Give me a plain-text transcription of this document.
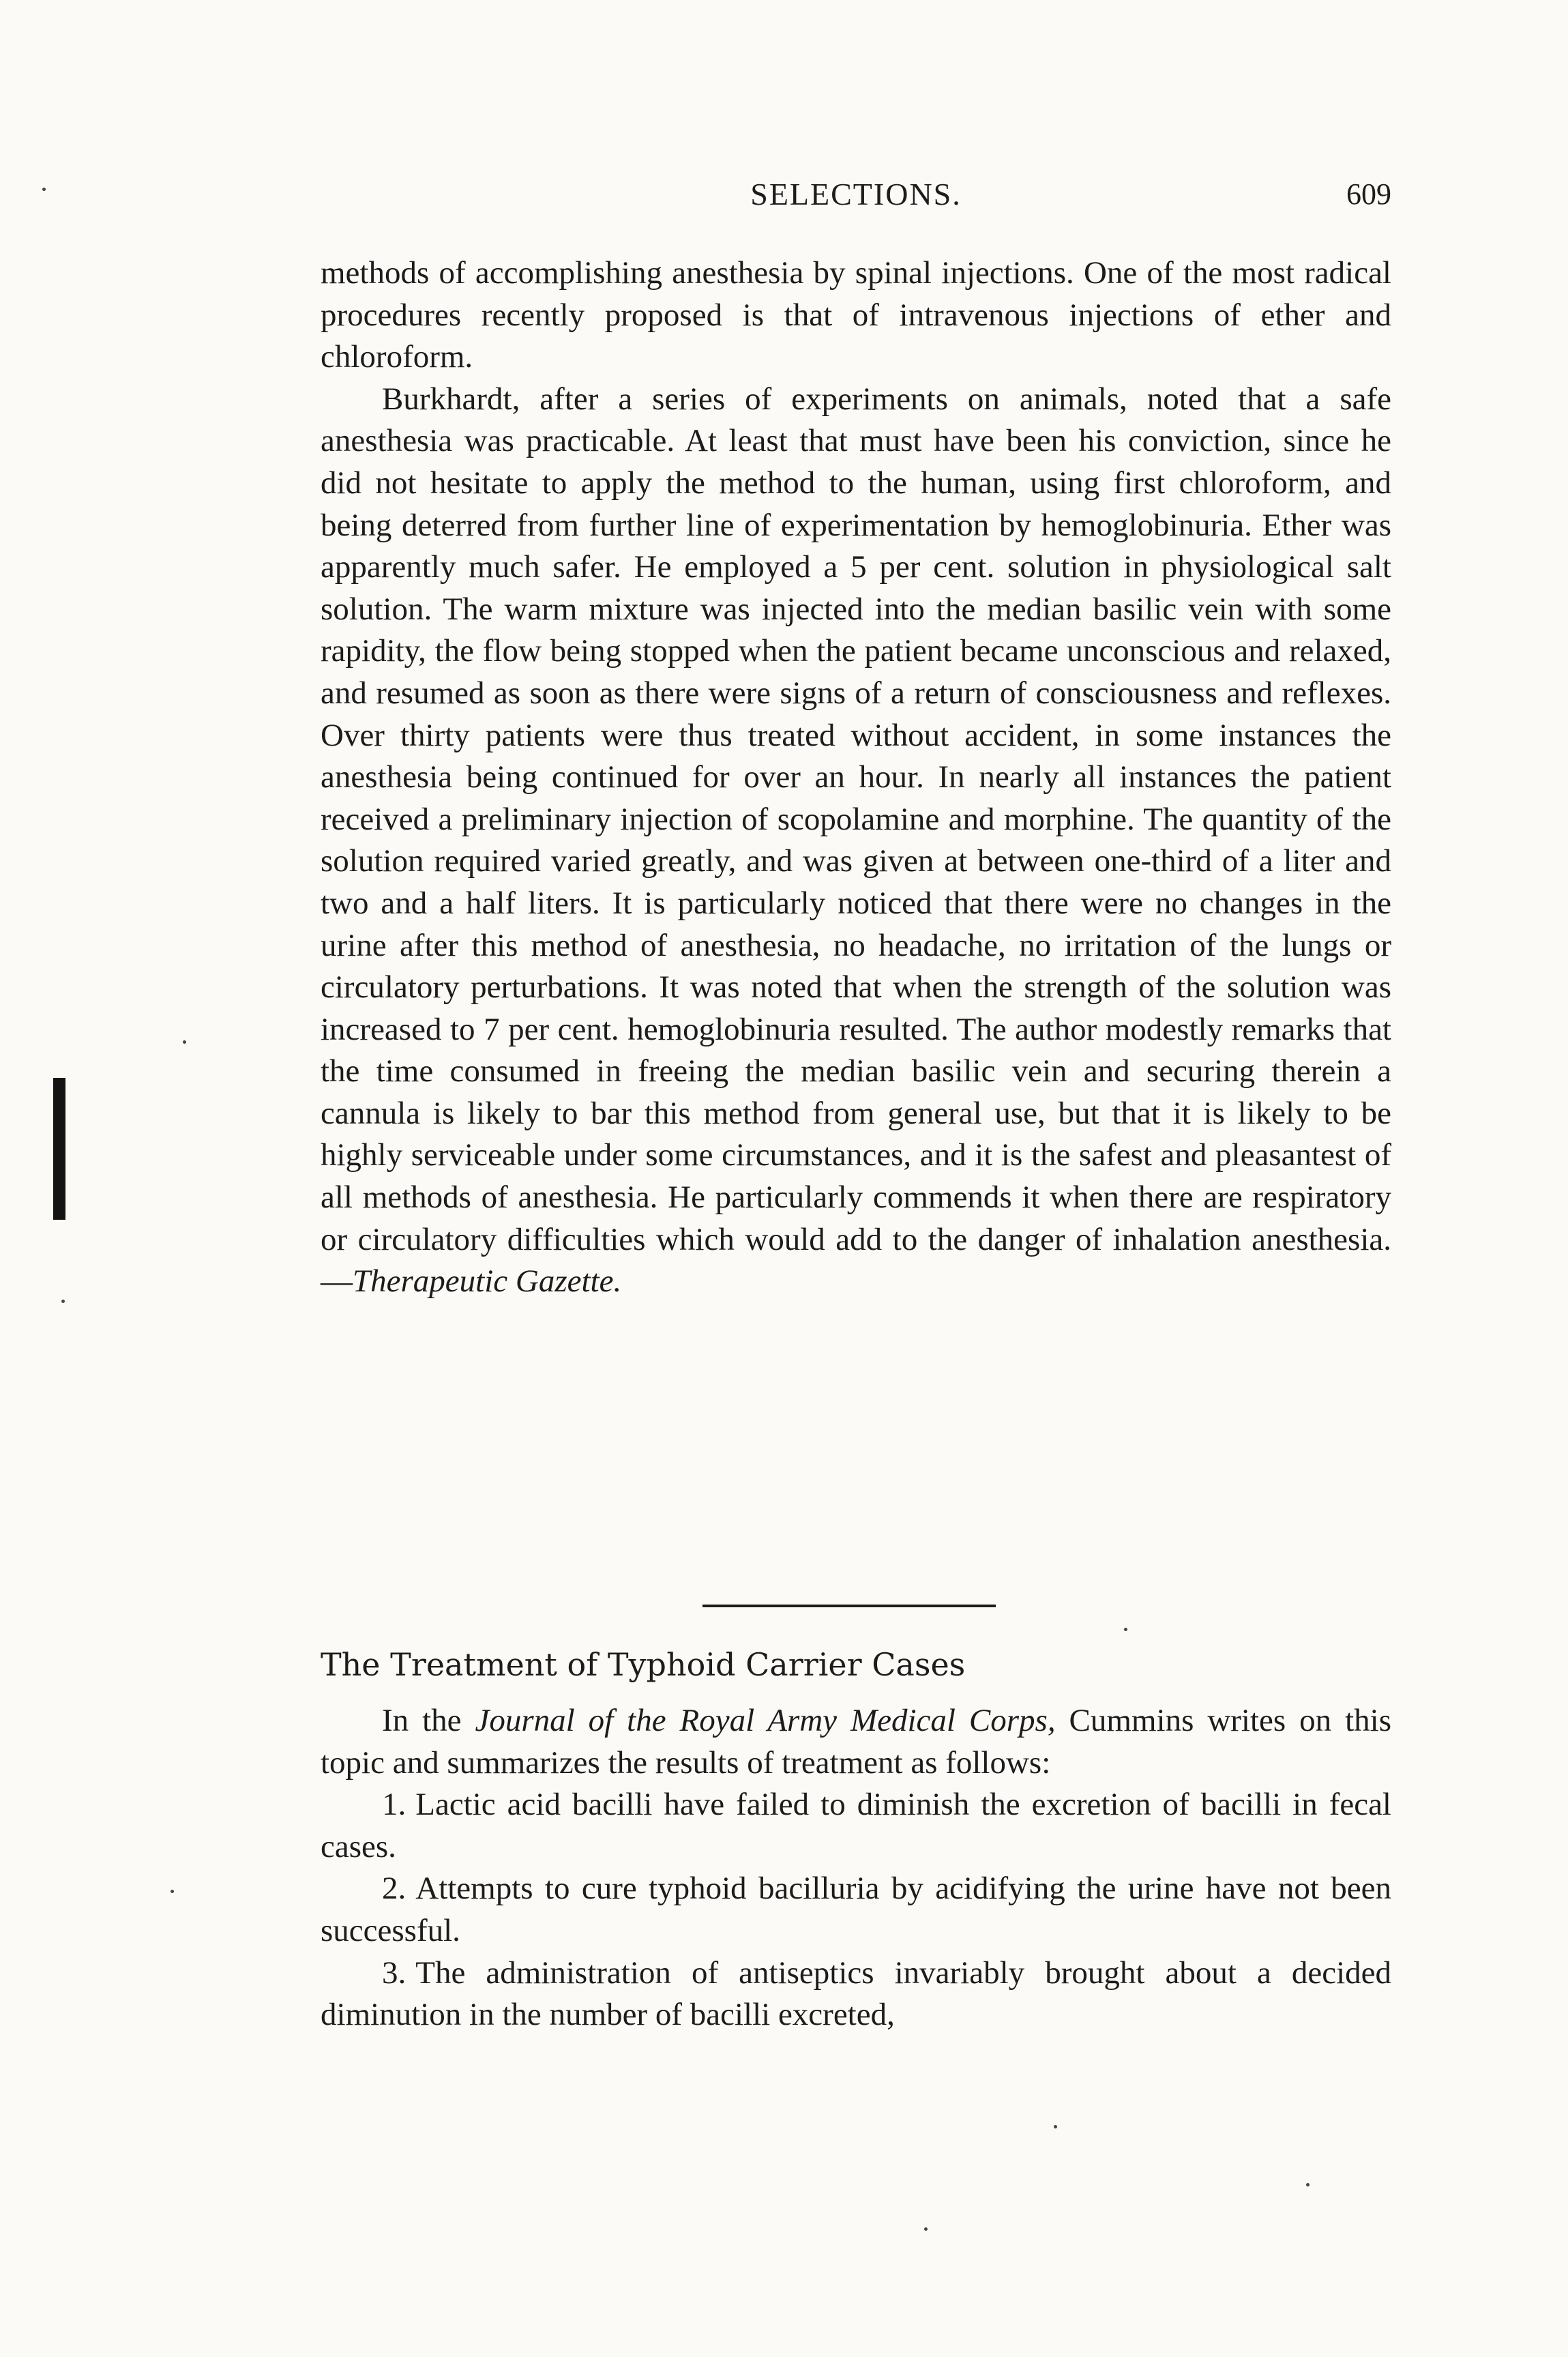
SELECTIONS.	609

methods of accomplishing anesthesia by spinal injections. One of the most radical procedures recently proposed is that of intravenous injections of ether and chloroform.

Burkhardt, after a series of experiments on animals, noted that a safe anesthesia was practicable. At least that must have been his conviction, since he did not hesitate to apply the method to the human, using first chloroform, and being deterred from further line of experimentation by hemoglobinuria. Ether was apparently much safer. He employed a 5 per cent. solution in physiological salt solution. The warm mixture was injected into the median basilic vein with some rapidity, the flow being stopped when the patient became unconscious and relaxed, and resumed as soon as there were signs of a return of consciousness and reflexes. Over thirty patients were thus treated without accident, in some instances the anesthesia being continued for over an hour. In nearly all instances the patient received a preliminary injection of scopolamine and morphine. The quantity of the solution required varied greatly, and was given at between one-third of a liter and two and a half liters. It is particularly noticed that there were no changes in the urine after this method of anesthesia, no headache, no irritation of the lungs or circulatory perturbations. It was noted that when the strength of the solution was increased to 7 per cent. hemoglobinuria resulted. The author modestly remarks that the time consumed in freeing the median basilic vein and securing therein a cannula is likely to bar this method from general use, but that it is likely to be highly serviceable under some circumstances, and it is the safest and pleasantest of all methods of anesthesia. He particularly commends it when there are respiratory or circulatory difficulties which would add to the danger of inhalation anesthesia.—Therapeutic Gazette.

The Treatment of Typhoid Carrier Cases

In the Journal of the Royal Army Medical Corps, Cummins writes on this topic and summarizes the results of treatment as follows:

1. Lactic acid bacilli have failed to diminish the excretion of bacilli in fecal cases.

2. Attempts to cure typhoid bacilluria by acidifying the urine have not been successful.

3. The administration of antiseptics invariably brought about a decided diminution in the number of bacilli excreted,
